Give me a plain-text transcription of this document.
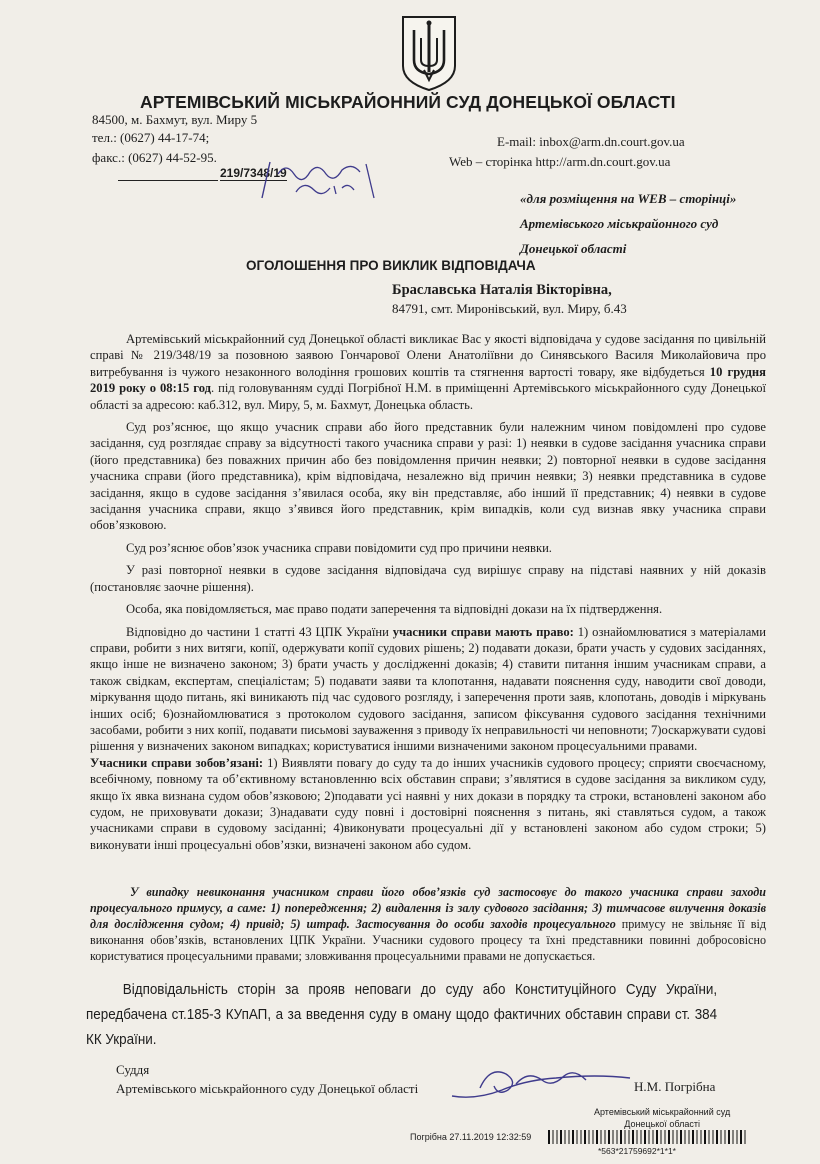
АРТЕМІВСЬКИЙ МІСЬКРАЙОННИЙ СУД ДОНЕЦЬКОЇ ОБЛАСТІ
84500, м. Бахмут, вул. Миру 5
тел.: (0627) 44-17-74;
факс.: (0627) 44-52-95.
E-mail: inbox@arm.dn.court.gov.ua
Web – сторінка http://arm.dn.court.gov.ua
219/7348/19
«для розміщення на WEB – сторінці»
Артемівського міськрайонного суд
Донецької області
ОГОЛОШЕННЯ ПРО ВИКЛИК ВІДПОВІДАЧА
Браславська Наталія Вікторівна,
84791, смт. Миронівський, вул. Миру, б.43

Артемівський міськрайонний суд Донецької області викликає Вас у якості відповідача у судове засідання по цивільній справі № 219/348/19 за позовною заявою Гончарової Олени Анатоліївни до Синявського Василя Миколайовича про витребування із чужого незаконного володіння грошових коштів та стягнення вартості товару, яке відбудеться 10 грудня 2019 року о 08:15 год. під головуванням судді Погрібної Н.М. в приміщенні Артемівського міськрайонного суду Донецької області за адресою: каб.312, вул. Миру, 5, м. Бахмут, Донецька область.

Суд роз’яснює, що якщо учасник справи або його представник були належним чином повідомлені про судове засідання, суд розглядає справу за відсутності такого учасника справи у разі: 1) неявки в судове засідання учасника справи (його представника) без поважних причин або без повідомлення причин неявки; 2) повторної неявки в судове засідання учасника справи (його представника), крім відповідача, незалежно від причин неявки; 3) неявки представника в судове засідання, якщо в судове засідання з’явилася особа, яку він представляє, або інший її представник; 4) неявки в судове засідання учасника справи, якщо з’явився його представник, крім випадків, коли суд визнав явку учасника справи обов’язковою.

Суд роз’яснює обов’язок учасника справи повідомити суд про причини неявки.

У разі повторної неявки в судове засідання відповідача суд вирішує справу на підставі наявних у ній доказів (постановляє заочне рішення).

Особа, яка повідомляється, має право подати заперечення та відповідні докази на їх підтвердження.

Відповідно до частини 1 статті 43 ЦПК України учасники справи мають право: 1) ознайомлюватися з матеріалами справи, робити з них витяги, копії, одержувати копії судових рішень; 2) подавати докази, брати участь у судових засіданнях, якщо інше не визначено законом; 3) брати участь у дослідженні доказів; 4) ставити питання іншим учасникам справи, а також свідкам, експертам, спеціалістам; 5) подавати заяви та клопотання, надавати пояснення суду, наводити свої доводи, міркування щодо питань, які виникають під час судового розгляду, і заперечення проти заяв, клопотань, доводів і міркувань інших осіб; 6)ознайомлюватися з протоколом судового засідання, записом фіксування судового засідання технічними засобами, робити з них копії, подавати письмові зауваження з приводу їх неправильності чи неповноти; 7)оскаржувати судові рішення у визначених законом випадках; користуватися іншими визначеними законом процесуальними правами.

Учасники справи зобов’язані: 1) Виявляти повагу до суду та до інших учасників судового процесу; сприяти своєчасному, всебічному, повному та об’єктивному встановленню всіх обставин справи; з’являтися в судове засідання за викликом суду, якщо їх явка визнана судом обов’язковою; 2)подавати усі наявні у них докази в порядку та строки, встановлені законом або судом, не приховувати докази; 3)надавати суду повні і достовірні пояснення з питань, які ставляться судом, а також учасниками справи в судовому засіданні; 4)виконувати процесуальні дії у встановлені законом або судом строки; 5) виконувати інші процесуальні обов’язки, визначені законом або судом.

У випадку невиконання учасником справи його обов’язків суд застосовує до такого учасника справи заходи процесуального примусу, а саме: 1) попередження; 2) видалення із залу судового засідання; 3) тимчасове вилучення доказів для дослідження судом; 4) привід; 5) штраф. Застосування до особи заходів процесуального примусу не звільняє її від виконання обов’язків, встановлених ЦПК України. Учасники судового процесу та їхні представники повинні добросовісно користуватися процесуальними правами; зловживання процесуальними правами не допускається.
Відповідальність сторін за прояв неповаги до суду або Конституційного Суду України, передбачена ст.185-3 КУпАП, а за введення суду в оману щодо фактичних обставин справи ст. 384 КК України.
Суддя
Артемівського міськрайонного суду Донецької області	Н.М. Погрібна
Артемівський міськрайонний суд
Донецької області
Погрібна 27.11.2019 12:32:59
*563*21759692*1*1*
